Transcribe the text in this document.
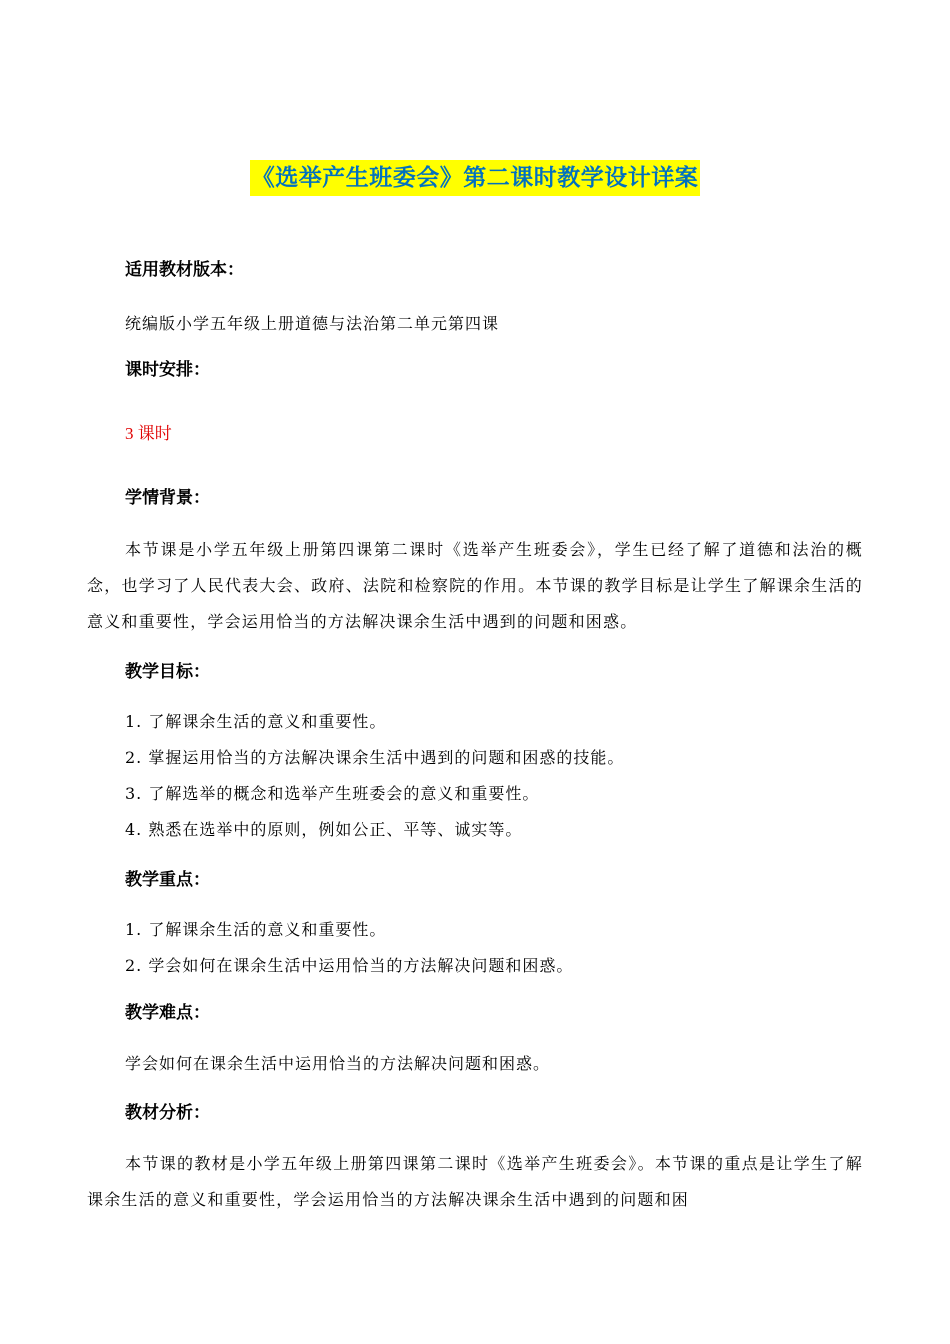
《选举产生班委会》第二课时教学设计详案
适用教材版本：
统编版小学五年级上册道德与法治第二单元第四课
课时安排：
3 课时
学情背景：
本节课是小学五年级上册第四课第二课时《选举产生班委会》，学生已经了解了道德和法治的概念，也学习了人民代表大会、政府、法院和检察院的作用。本节课的教学目标是让学生了解课余生活的意义和重要性，学会运用恰当的方法解决课余生活中遇到的问题和困惑。
教学目标：
1. 了解课余生活的意义和重要性。
2. 掌握运用恰当的方法解决课余生活中遇到的问题和困惑的技能。
3. 了解选举的概念和选举产生班委会的意义和重要性。
4. 熟悉在选举中的原则，例如公正、平等、诚实等。
教学重点：
1. 了解课余生活的意义和重要性。
2. 学会如何在课余生活中运用恰当的方法解决问题和困惑。
教学难点：
学会如何在课余生活中运用恰当的方法解决问题和困惑。
教材分析：
本节课的教材是小学五年级上册第四课第二课时《选举产生班委会》。本节课的重点是让学生了解课余生活的意义和重要性，学会运用恰当的方法解决课余生活中遇到的问题和困
